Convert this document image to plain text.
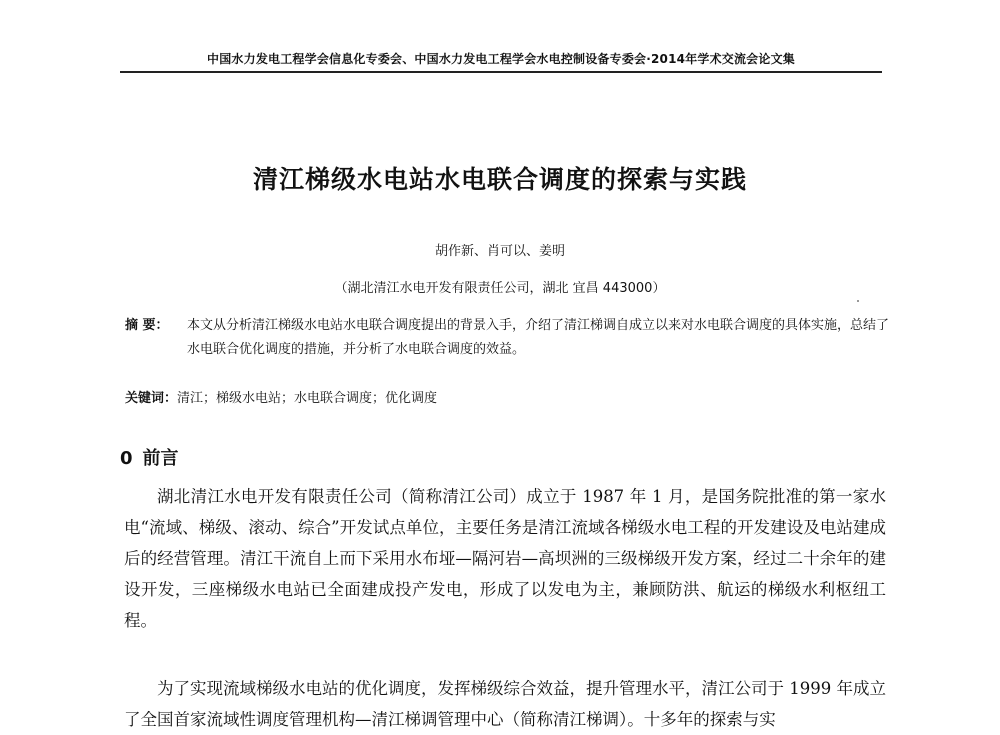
中国水力发电工程学会信息化专委会、中国水力发电工程学会水电控制设备专委会·2014年学术交流会论文集
清江梯级水电站水电联合调度的探索与实践
胡作新、肖可以、姜明
（湖北清江水电开发有限责任公司，湖北 宜昌 443000）
摘 要：	本文从分析清江梯级水电站水电联合调度提出的背景入手，介绍了清江梯调自成立以来对水电联合调度的具体实施，总结了水电联合优化调度的措施，并分析了水电联合调度的效益。
关键词：清江；梯级水电站；水电联合调度；优化调度
0 前言

湖北清江水电开发有限责任公司（简称清江公司）成立于 1987 年 1 月，是国务院批准的第一家水电“流域、梯级、滚动、综合”开发试点单位，主要任务是清江流域各梯级水电工程的开发建设及电站建成后的经营管理。清江干流自上而下采用水布垭—隔河岩—高坝洲的三级梯级开发方案，经过二十余年的建设开发，三座梯级水电站已全面建成投产发电，形成了以发电为主，兼顾防洪、航运的梯级水利枢纽工程。

为了实现流域梯级水电站的优化调度，发挥梯级综合效益，提升管理水平，清江公司于 1999 年成立了全国首家流域性调度管理机构—清江梯调管理中心（简称清江梯调）。十多年的探索与实
